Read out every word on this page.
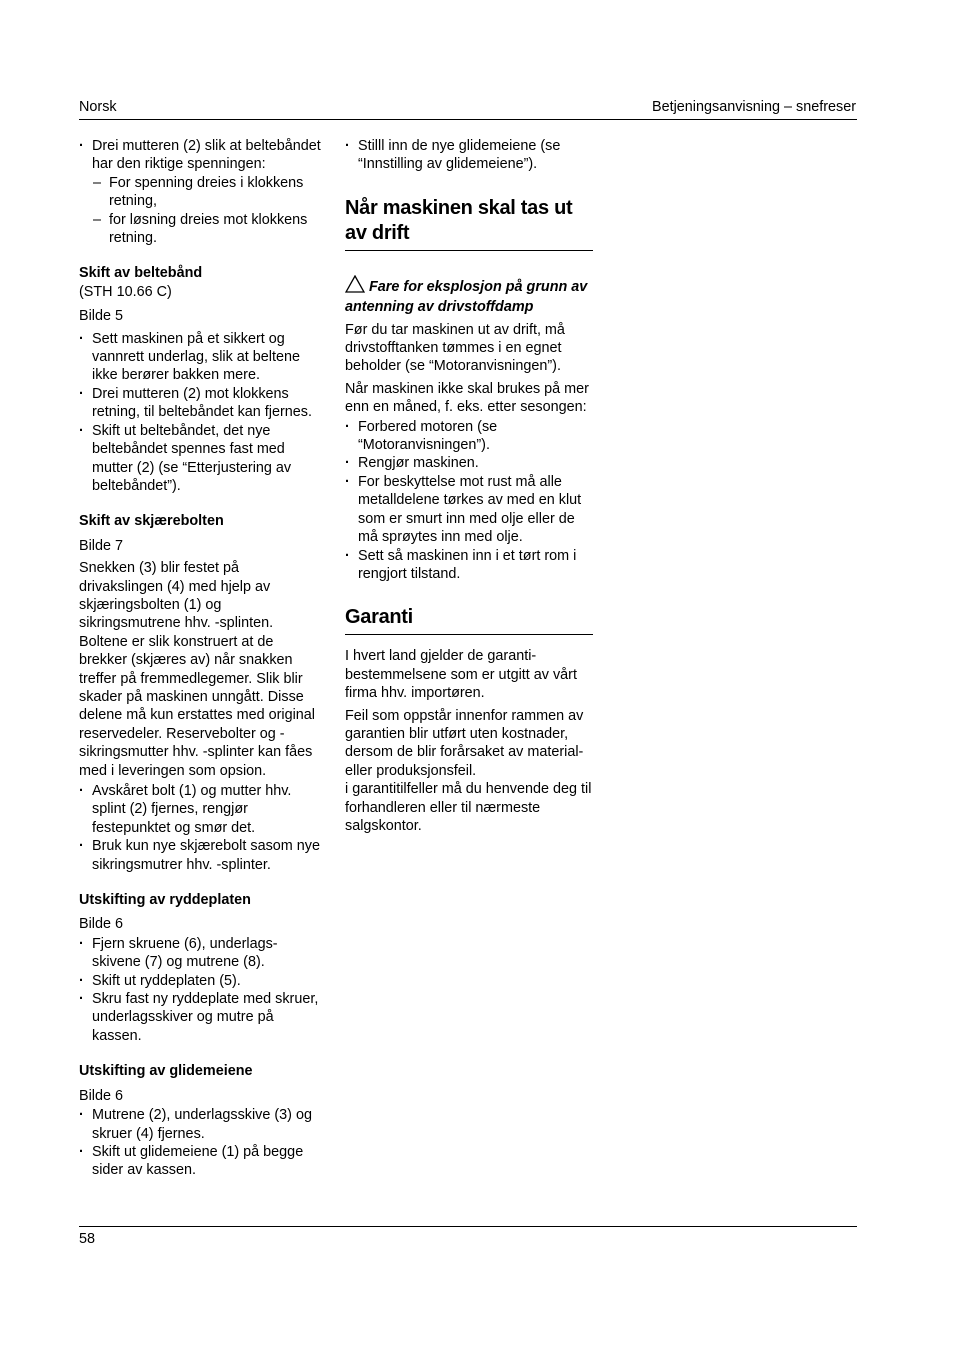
Norsk	Betjeningsanvisning – snefreser
· Drei mutteren (2) slik at beltebåndet har den riktige spenningen:
– For spenning dreies i klokkens retning,
– for løsning dreies mot klokkens retning.
Skift av beltebånd
(STH 10.66 C)
Bilde 5
· Sett maskinen på et sikkert og vannrett underlag, slik at beltene ikke berører bakken mere.
· Drei mutteren (2) mot klokkens retning, til beltebåndet kan fjernes.
· Skift ut beltebåndet, det nye beltebåndet spennes fast med mutter (2) (se “Etterjustering av beltebåndet”).
Skift av skjærebolten
Bilde 7
Snekken (3) blir festet på drivakslingen (4) med hjelp av skjæringsbolten (1) og sikringsmutrene hhv. -splinten. Boltene er slik konstruert at de brekker (skjæres av) når snakken treffer på fremmedlegemer. Slik blir skader på maskinen unngått. Disse delene må kun erstattes med original reservedeler. Reservebolter og -sikringsmutter hhv. -splinter kan fåes med i leveringen som opsion.
· Avskåret bolt (1) og mutter hhv. splint (2) fjernes, rengjør festepunktet og smør det.
· Bruk kun nye skjærebolt sasom nye sikringsmutrer hhv. -splinter.
Utskifting av ryddeplaten
Bilde 6
· Fjern skruene (6), underlags-skivene (7) og mutrene (8).
· Skift ut ryddeplaten (5).
· Skru fast ny ryddeplate med skruer, underlagsskiver og mutre på kassen.
Utskifting av glidemeiene
Bilde 6
· Mutrene (2), underlagsskive (3) og skruer (4) fjernes.
· Skift ut glidemeiene (1) på begge sider av kassen.
· Stilll inn de nye glidemeiene (se “Innstilling av glidemeiene”).
Når maskinen skal tas ut av drift
Fare for eksplosjon på grunn av antenning av drivstoffdamp
Før du tar maskinen ut av drift, må drivstofftanken tømmes i en egnet beholder (se “Motoranvisningen”).
Når maskinen ikke skal brukes på mer enn en måned, f. eks. etter sesongen:
· Forbered motoren (se “Motoranvisningen”).
· Rengjør maskinen.
· For beskyttelse mot rust må alle metalldelene tørkes av med en klut som er smurt inn med olje eller de må sprøytes inn med olje.
· Sett så maskinen inn i et tørt rom i rengjort tilstand.
Garanti
I hvert land gjelder de garanti-bestemmelsene som er utgitt av vårt firma hhv. importøren.
Feil som oppstår innenfor rammen av garantien blir utført uten kostnader, dersom de blir forårsaket av material- eller produksjonsfeil.
i garantitilfeller må du henvende deg til forhandleren eller til nærmeste salgskontor.
58
